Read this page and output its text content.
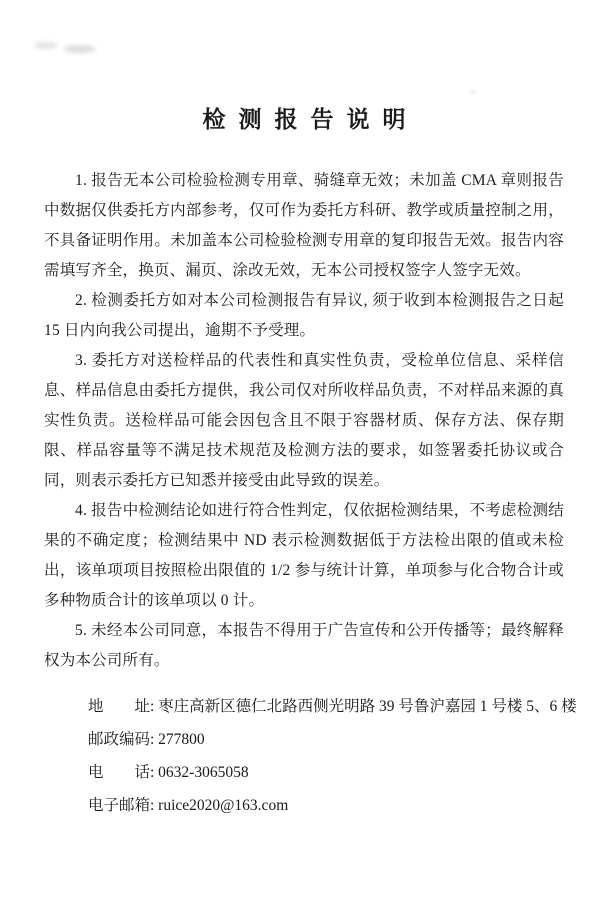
检测报告说明

1. 报告无本公司检验检测专用章、骑缝章无效；未加盖 CMA 章则报告中数据仅供委托方内部参考，仅可作为委托方科研、教学或质量控制之用，不具备证明作用。未加盖本公司检验检测专用章的复印报告无效。报告内容需填写齐全，换页、漏页、涂改无效，无本公司授权签字人签字无效。

2. 检测委托方如对本公司检测报告有异议, 须于收到本检测报告之日起 15 日内向我公司提出，逾期不予受理。

3. 委托方对送检样品的代表性和真实性负责，受检单位信息、采样信息、样品信息由委托方提供，我公司仅对所收样品负责，不对样品来源的真实性负责。送检样品可能会因包含且不限于容器材质、保存方法、保存期限、样品容量等不满足技术规范及检测方法的要求，如签署委托协议或合同，则表示委托方已知悉并接受由此导致的误差。

4. 报告中检测结论如进行符合性判定，仅依据检测结果，不考虑检测结果的不确定度；检测结果中 ND 表示检测数据低于方法检出限的值或未检出，该单项项目按照检出限值的 1/2 参与统计计算，单项参与化合物合计或多种物质合计的该单项以 0 计。

5. 未经本公司同意，本报告不得用于广告宣传和公开传播等；最终解释权为本公司所有。

地　　址: 枣庄高新区德仁北路西侧光明路 39 号鲁沪嘉园 1 号楼 5、6 楼
邮政编码: 277800
电　　话: 0632-3065058
电子邮箱: ruice2020@163.com
